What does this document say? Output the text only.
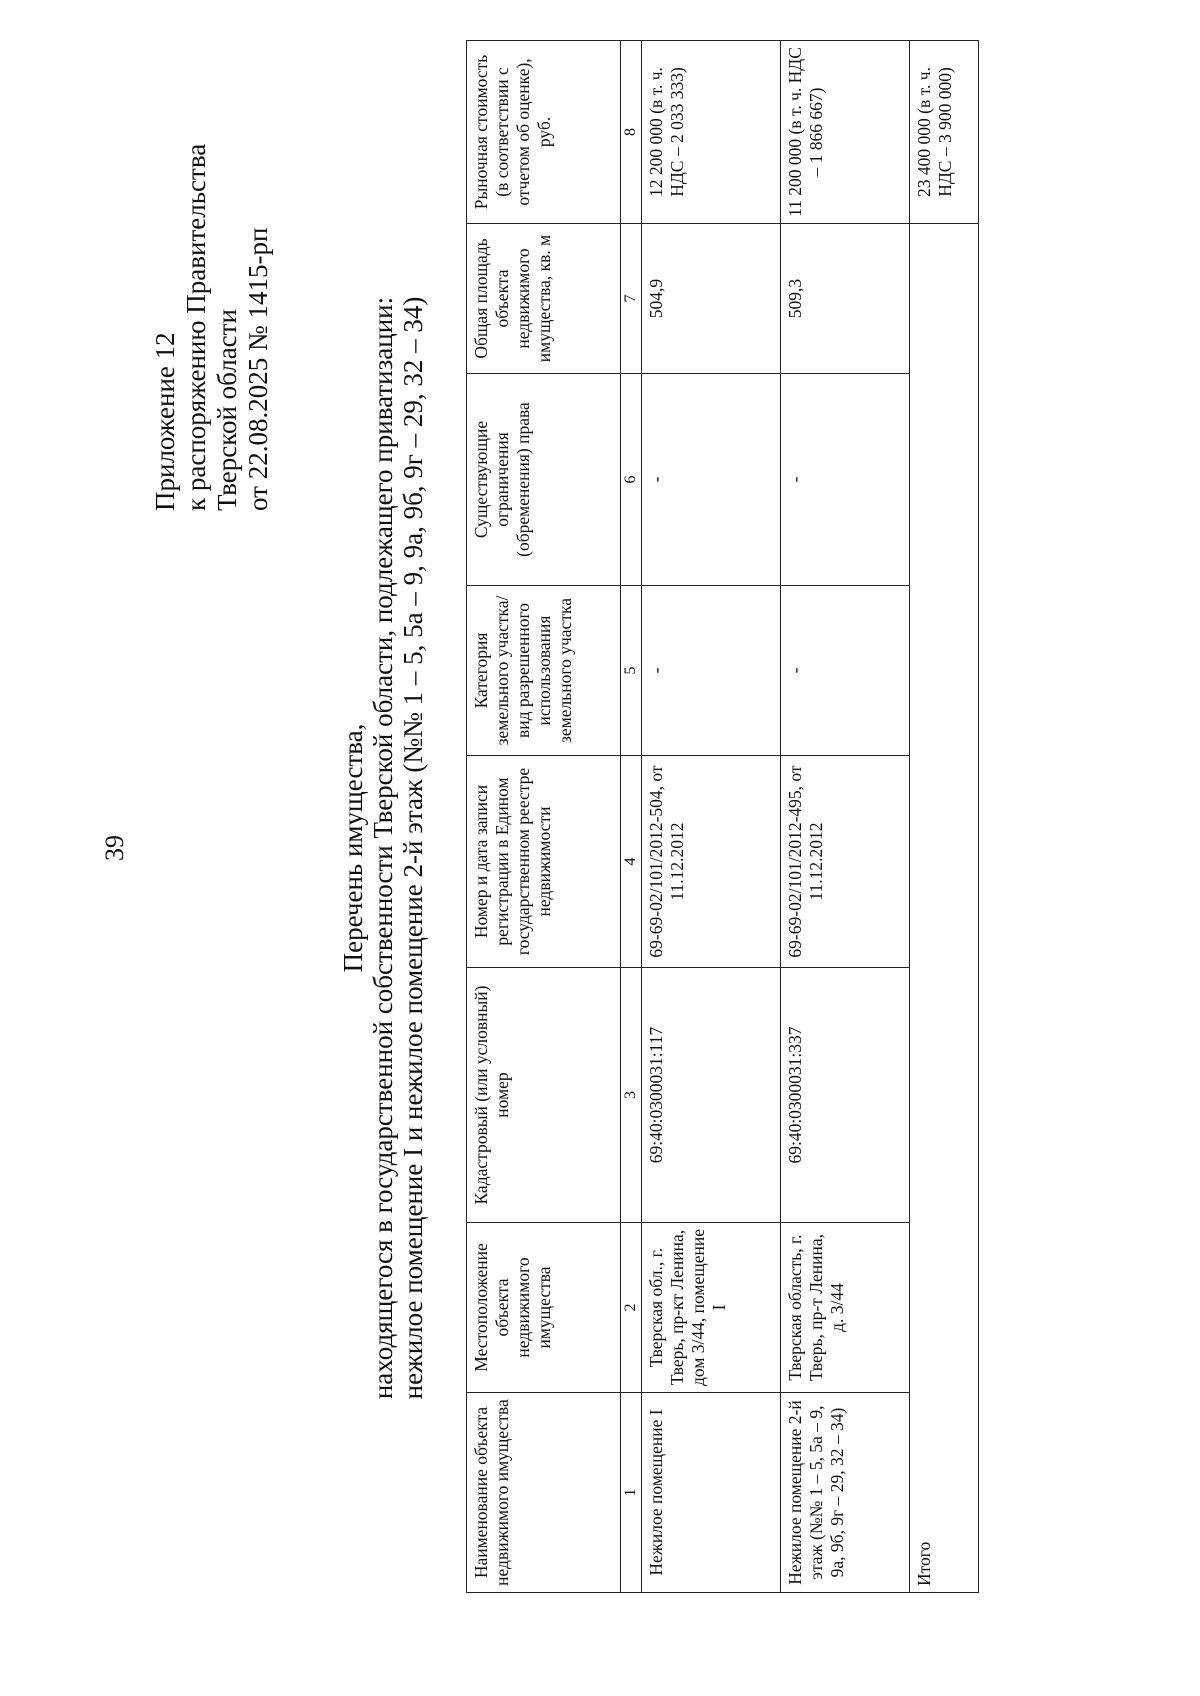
39
Приложение 12 к распоряжению Правительства Тверской области от 22.08.2025 № 1415-рп
Перечень имущества, находящегося в государственной собственности Тверской области, подлежащего приватизации: нежилое помещение I и нежилое помещение 2-й этаж (№№ 1 – 5, 5а – 9, 9а, 9б, 9г – 29, 32 – 34)
Наименование объекта недвижимого имущества	Местоположение объекта недвижимого имущества	Кадастровый (или условный) номер	Номер и дата записи регистрации в Едином государственном реестре недвижимости	Категория земельного участка/вид разрешенного использования земельного участка	Существующие ограничения (обременения) права	Общая площадь объекта недвижимого имущества, кв. м	Рыночная стоимость (в соответствии с отчетом об оценке), руб.
1	2	3	4	5	6	7	8
Нежилое помещение I	Тверская обл., г. Тверь, пр-кт Ленина, дом 3/44, помещение I	69:40:0300031:117	69-69-02/101/2012-504, от 11.12.2012	-	-	504,9	12 200 000 (в т. ч. НДС – 2 033 333)
Нежилое помещение 2-й этаж (№№ 1 – 5, 5а – 9, 9а, 9б, 9г – 29, 32 – 34)	Тверская область, г. Тверь, пр-т Ленина, д. 3/44	69:40:0300031:337	69-69-02/101/2012-495, от 11.12.2012	-	-	509,3	11 200 000 (в т. ч. НДС – 1 866 667)
Итого							23 400 000 (в т. ч. НДС – 3 900 000)
